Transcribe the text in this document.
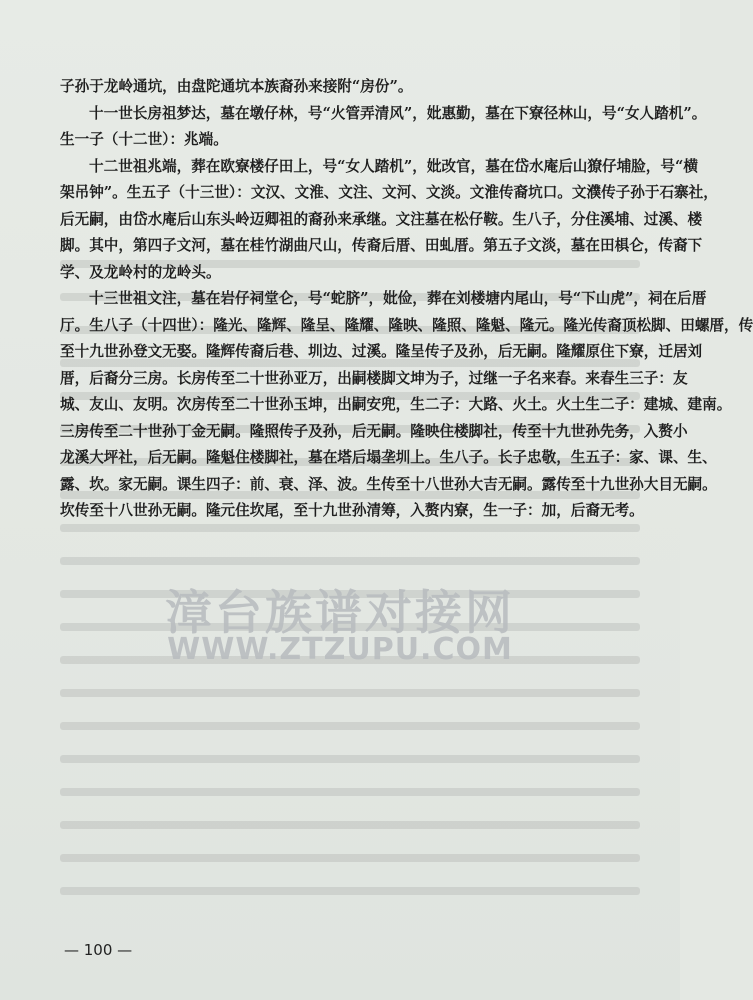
子孙于龙岭通坑，由盘陀通坑本族裔孙来接附“房份”。
十一世长房祖梦达，墓在墩仔林，号“火管弄清风”，妣惠勤，墓在下寮径林山，号“女人踏机”。
生一子（十二世）：兆端。
十二世祖兆端，葬在欧寮楼仔田上，号“女人踏机”，妣改官，墓在岱水庵后山獠仔埔脸，号“横
架吊钟”。生五子（十三世）：文汉、文淮、文注、文河、文淡。文淮传裔坑口。文濮传子孙于石寨社，
后无嗣，由岱水庵后山东头岭迈卿祖的裔孙来承继。文注墓在松仔鞍。生八子，分住溪埔、过溪、楼
脚。其中，第四子文河，墓在桂竹湖曲尺山，传裔后厝、田虬厝。第五子文淡，墓在田椇仑，传裔下
学、及龙岭村的龙岭头。
十三世祖文注，墓在岩仔祠堂仑，号“蛇脐”，妣俭，葬在刘楼塘内尾山，号“下山虎”，祠在后厝
厅。生八子（十四世）：隆光、隆辉、隆呈、隆耀、隆映、隆照、隆魁、隆元。隆光传裔顶松脚、田螺厝，传
至十九世孙登文无娶。隆辉传裔后巷、圳边、过溪。隆呈传子及孙，后无嗣。隆耀原住下寮，迁居刘
厝，后裔分三房。长房传至二十世孙亚万，出嗣楼脚文坤为子，过继一子名来春。来春生三子：友
城、友山、友明。次房传至二十世孙玉坤，出嗣安兜，生二子：大路、火土。火土生二子：建城、建南。
三房传至二十世孙丁金无嗣。隆照传子及孙，后无嗣。隆映住楼脚社，传至十九世孙先务，入赘小
龙溪大坪社，后无嗣。隆魁住楼脚社，墓在塔后塌垄圳上。生八子。长子忠敬，生五子：家、课、生、
露、坎。家无嗣。课生四子：前、衰、泽、波。生传至十八世孙大吉无嗣。露传至十九世孙大目无嗣。
坎传至十八世孙无嗣。隆元住坎尾，至十九世孙清筹，入赘内寮，生一子：加，后裔无考。
漳台族谱对接网
WWW.ZTZUPU.COM
— 100 —
